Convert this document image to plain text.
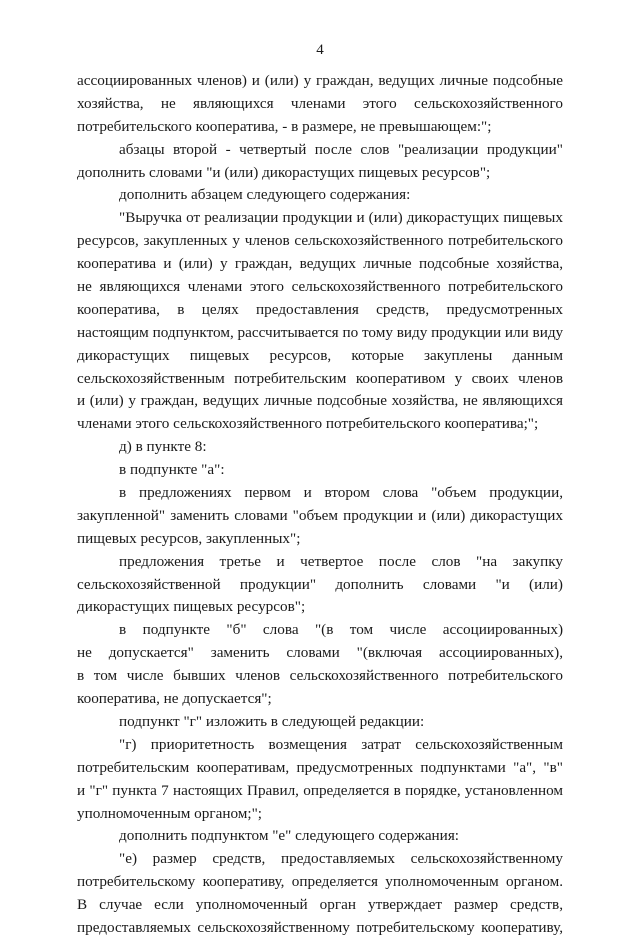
4
ассоциированных членов) и (или) у граждан, ведущих личные подсобные
хозяйства, не являющихся членами этого сельскохозяйственного
потребительского кооператива, - в размере, не превышающем:";
абзацы второй - четвертый после слов "реализации продукции"
дополнить словами "и (или) дикорастущих пищевых ресурсов";
дополнить абзацем следующего содержания:
"Выручка от реализации продукции и (или) дикорастущих пищевых
ресурсов, закупленных у членов сельскохозяйственного потребительского
кооператива и (или) у граждан, ведущих личные подсобные хозяйства,
не являющихся членами этого сельскохозяйственного потребительского
кооператива, в целях предоставления средств, предусмотренных
настоящим подпунктом, рассчитывается по тому виду продукции или виду
дикорастущих пищевых ресурсов, которые закуплены данным
сельскохозяйственным потребительским кооперативом у своих членов
и (или) у граждан, ведущих личные подсобные хозяйства, не являющихся
членами этого сельскохозяйственного потребительского кооператива;";
д) в пункте 8:
в подпункте "а":
в предложениях первом и втором слова "объем продукции,
закупленной" заменить словами "объем продукции и (или) дикорастущих
пищевых ресурсов, закупленных";
предложения третье и четвертое после слов "на закупку
сельскохозяйственной продукции" дополнить словами "и (или)
дикорастущих пищевых ресурсов";
в подпункте "б" слова "(в том числе ассоциированных)
не допускается" заменить словами "(включая ассоциированных),
в том числе бывших членов сельскохозяйственного потребительского
кооператива, не допускается";
подпункт "г" изложить в следующей редакции:
"г) приоритетность возмещения затрат сельскохозяйственным
потребительским кооперативам, предусмотренных подпунктами "а", "в"
и "г" пункта 7 настоящих Правил, определяется в порядке, установленном
уполномоченным органом;";
дополнить подпунктом "е" следующего содержания:
"е) размер средств, предоставляемых сельскохозяйственному
потребительскому кооперативу, определяется уполномоченным органом.
В случае если уполномоченный орган утверждает размер средств,
предоставляемых сельскохозяйственному потребительскому кооперативу,
